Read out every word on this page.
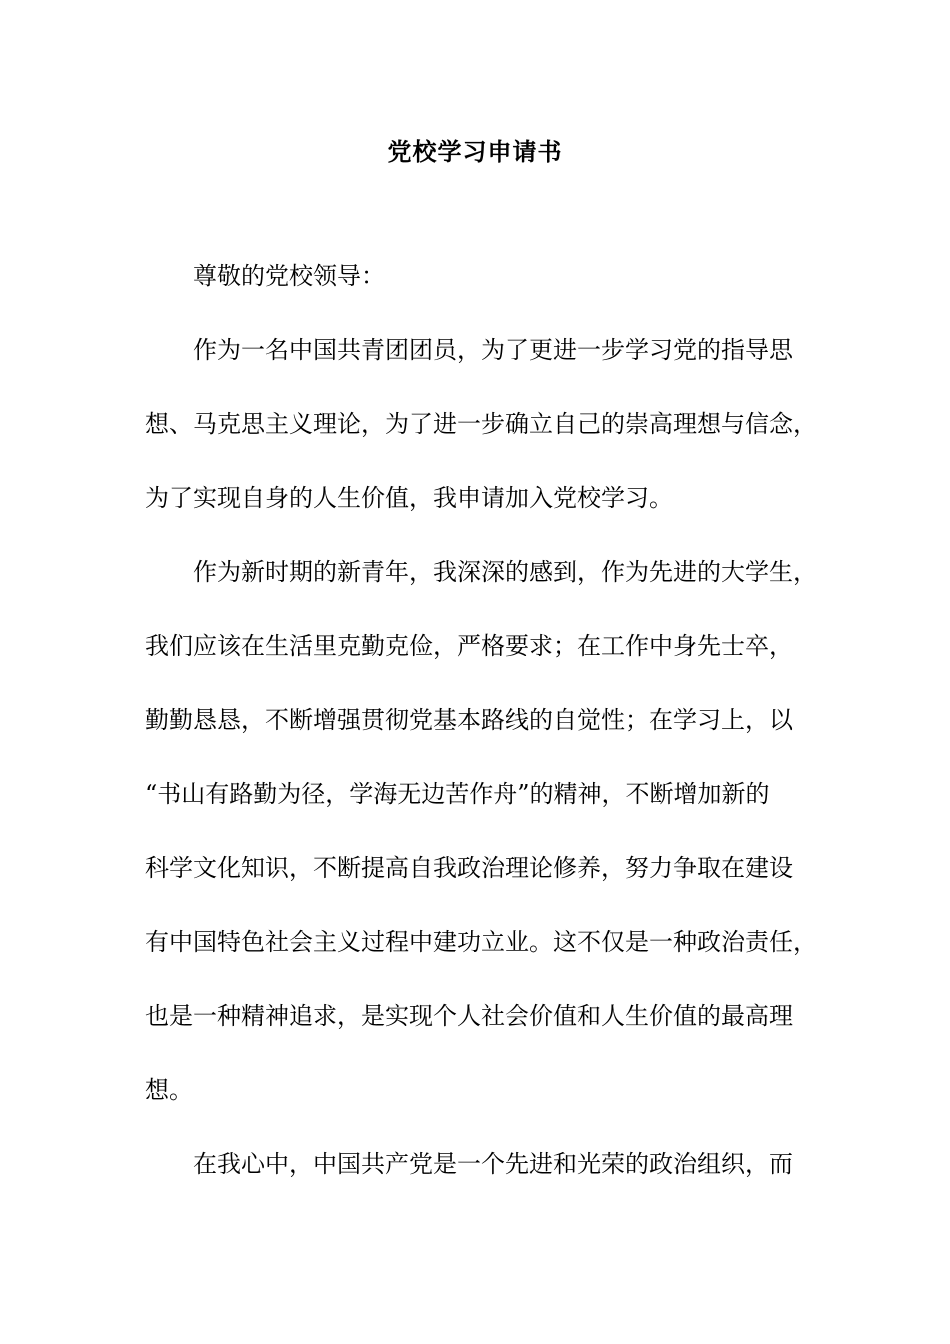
党校学习申请书
尊敬的党校领导：
作为一名中国共青团团员，为了更进一步学习党的指导思
想、马克思主义理论，为了进一步确立自己的崇高理想与信念，
为了实现自身的人生价值，我申请加入党校学习。
作为新时期的新青年，我深深的感到，作为先进的大学生，
我们应该在生活里克勤克俭，严格要求；在工作中身先士卒，
勤勤恳恳，不断增强贯彻党基本路线的自觉性；在学习上，以
“书山有路勤为径，学海无边苦作舟”的精神，不断增加新的
科学文化知识，不断提高自我政治理论修养，努力争取在建设
有中国特色社会主义过程中建功立业。这不仅是一种政治责任，
也是一种精神追求，是实现个人社会价值和人生价值的最高理
想。
在我心中，中国共产党是一个先进和光荣的政治组织，而
